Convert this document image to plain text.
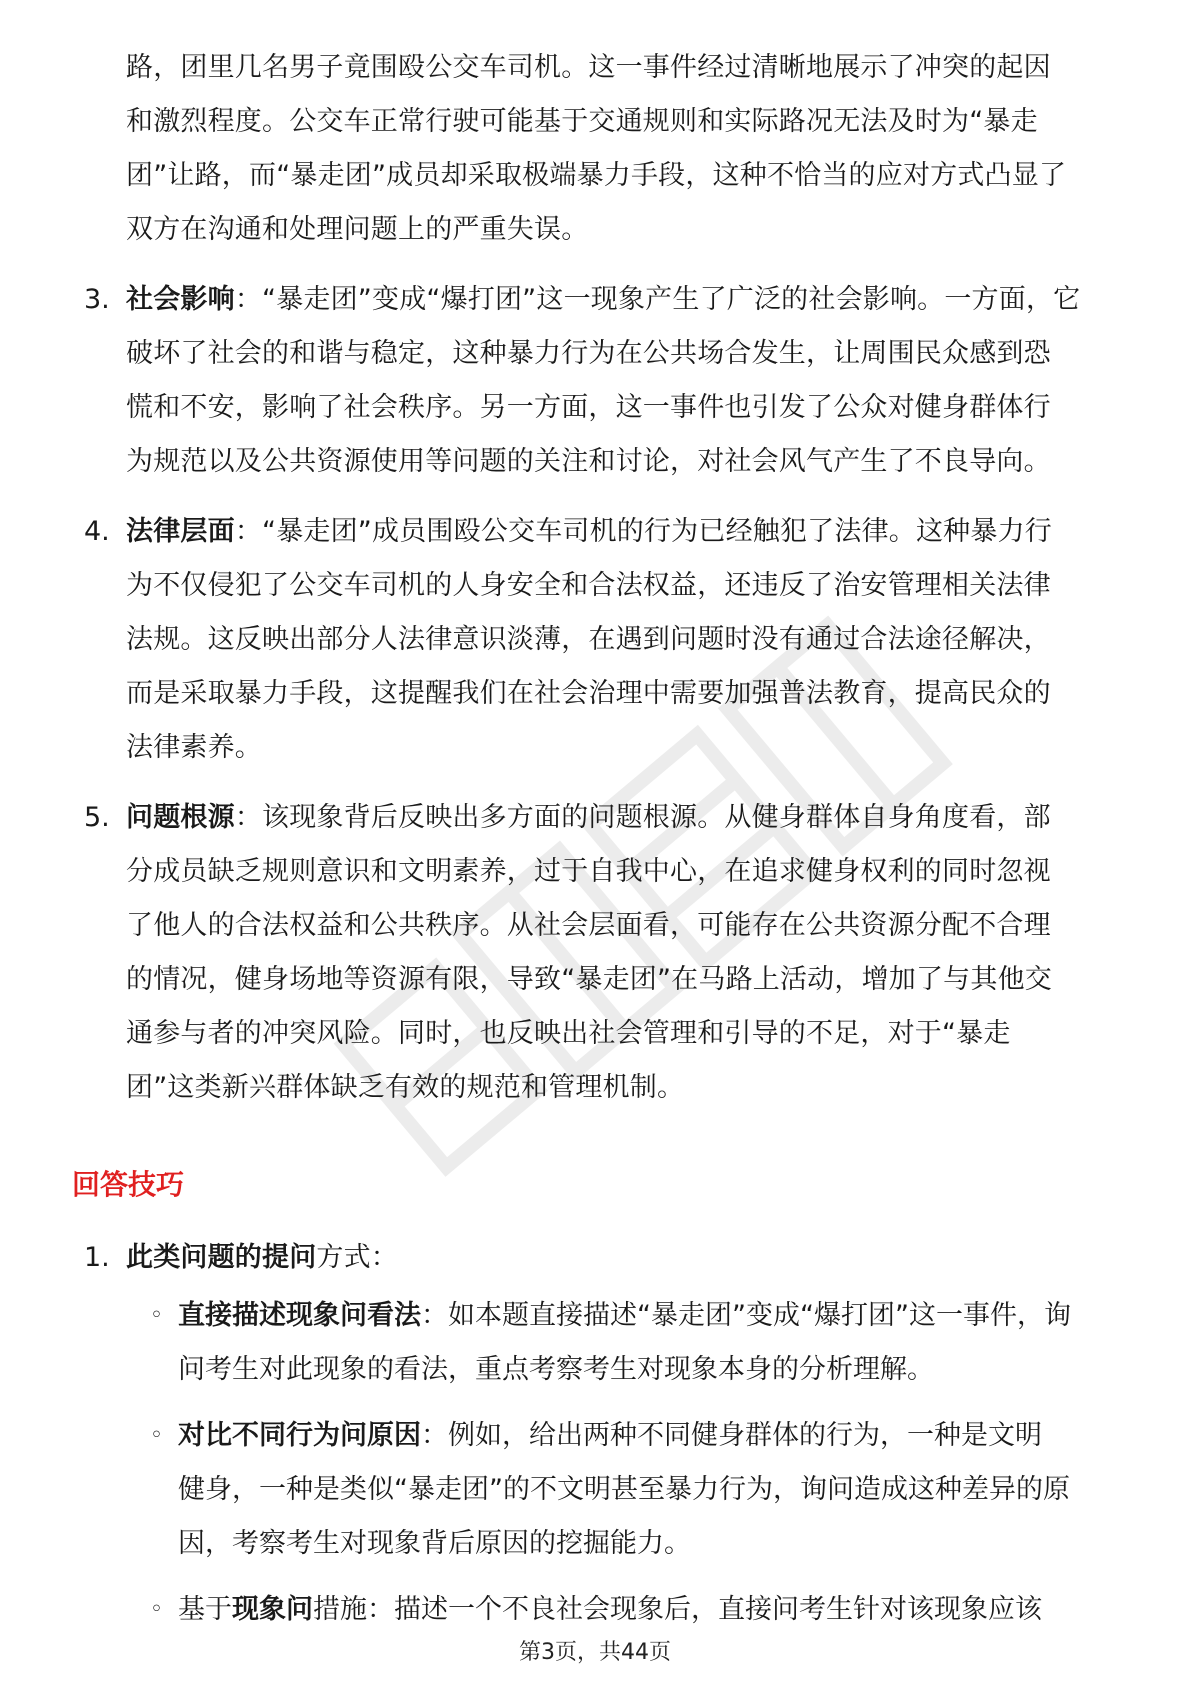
路，团里几名男子竟围殴公交车司机。这一事件经过清晰地展示了冲突的起因
和激烈程度。公交车正常行驶可能基于交通规则和实际路况无法及时为“暴走
团”让路，而“暴走团”成员却采取极端暴力手段，这种不恰当的应对方式凸显了
双方在沟通和处理问题上的严重失误。
3. 社会影响：“暴走团”变成“爆打团”这一现象产生了广泛的社会影响。一方面，它
破坏了社会的和谐与稳定，这种暴力行为在公共场合发生，让周围民众感到恐
慌和不安，影响了社会秩序。另一方面，这一事件也引发了公众对健身群体行
为规范以及公共资源使用等问题的关注和讨论，对社会风气产生了不良导向。
4. 法律层面：“暴走团”成员围殴公交车司机的行为已经触犯了法律。这种暴力行
为不仅侵犯了公交车司机的人身安全和合法权益，还违反了治安管理相关法律
法规。这反映出部分人法律意识淡薄，在遇到问题时没有通过合法途径解决，
而是采取暴力手段，这提醒我们在社会治理中需要加强普法教育，提高民众的
法律素养。
5. 问题根源：该现象背后反映出多方面的问题根源。从健身群体自身角度看，部
分成员缺乏规则意识和文明素养，过于自我中心，在追求健身权利的同时忽视
了他人的合法权益和公共秩序。从社会层面看，可能存在公共资源分配不合理
的情况，健身场地等资源有限，导致“暴走团”在马路上活动，增加了与其他交
通参与者的冲突风险。同时，也反映出社会管理和引导的不足，对于“暴走
团”这类新兴群体缺乏有效的规范和管理机制。
回答技巧
1. 此类问题的提问方式：
◦ 直接描述现象问看法：如本题直接描述“暴走团”变成“爆打团”这一事件，询
问考生对此现象的看法，重点考察考生对现象本身的分析理解。
◦ 对比不同行为问原因：例如，给出两种不同健身群体的行为，一种是文明
健身，一种是类似“暴走团”的不文明甚至暴力行为，询问造成这种差异的原
因，考察考生对现象背后原因的挖掘能力。
◦ 基于现象问措施：描述一个不良社会现象后，直接问考生针对该现象应该
第3页，共44页
